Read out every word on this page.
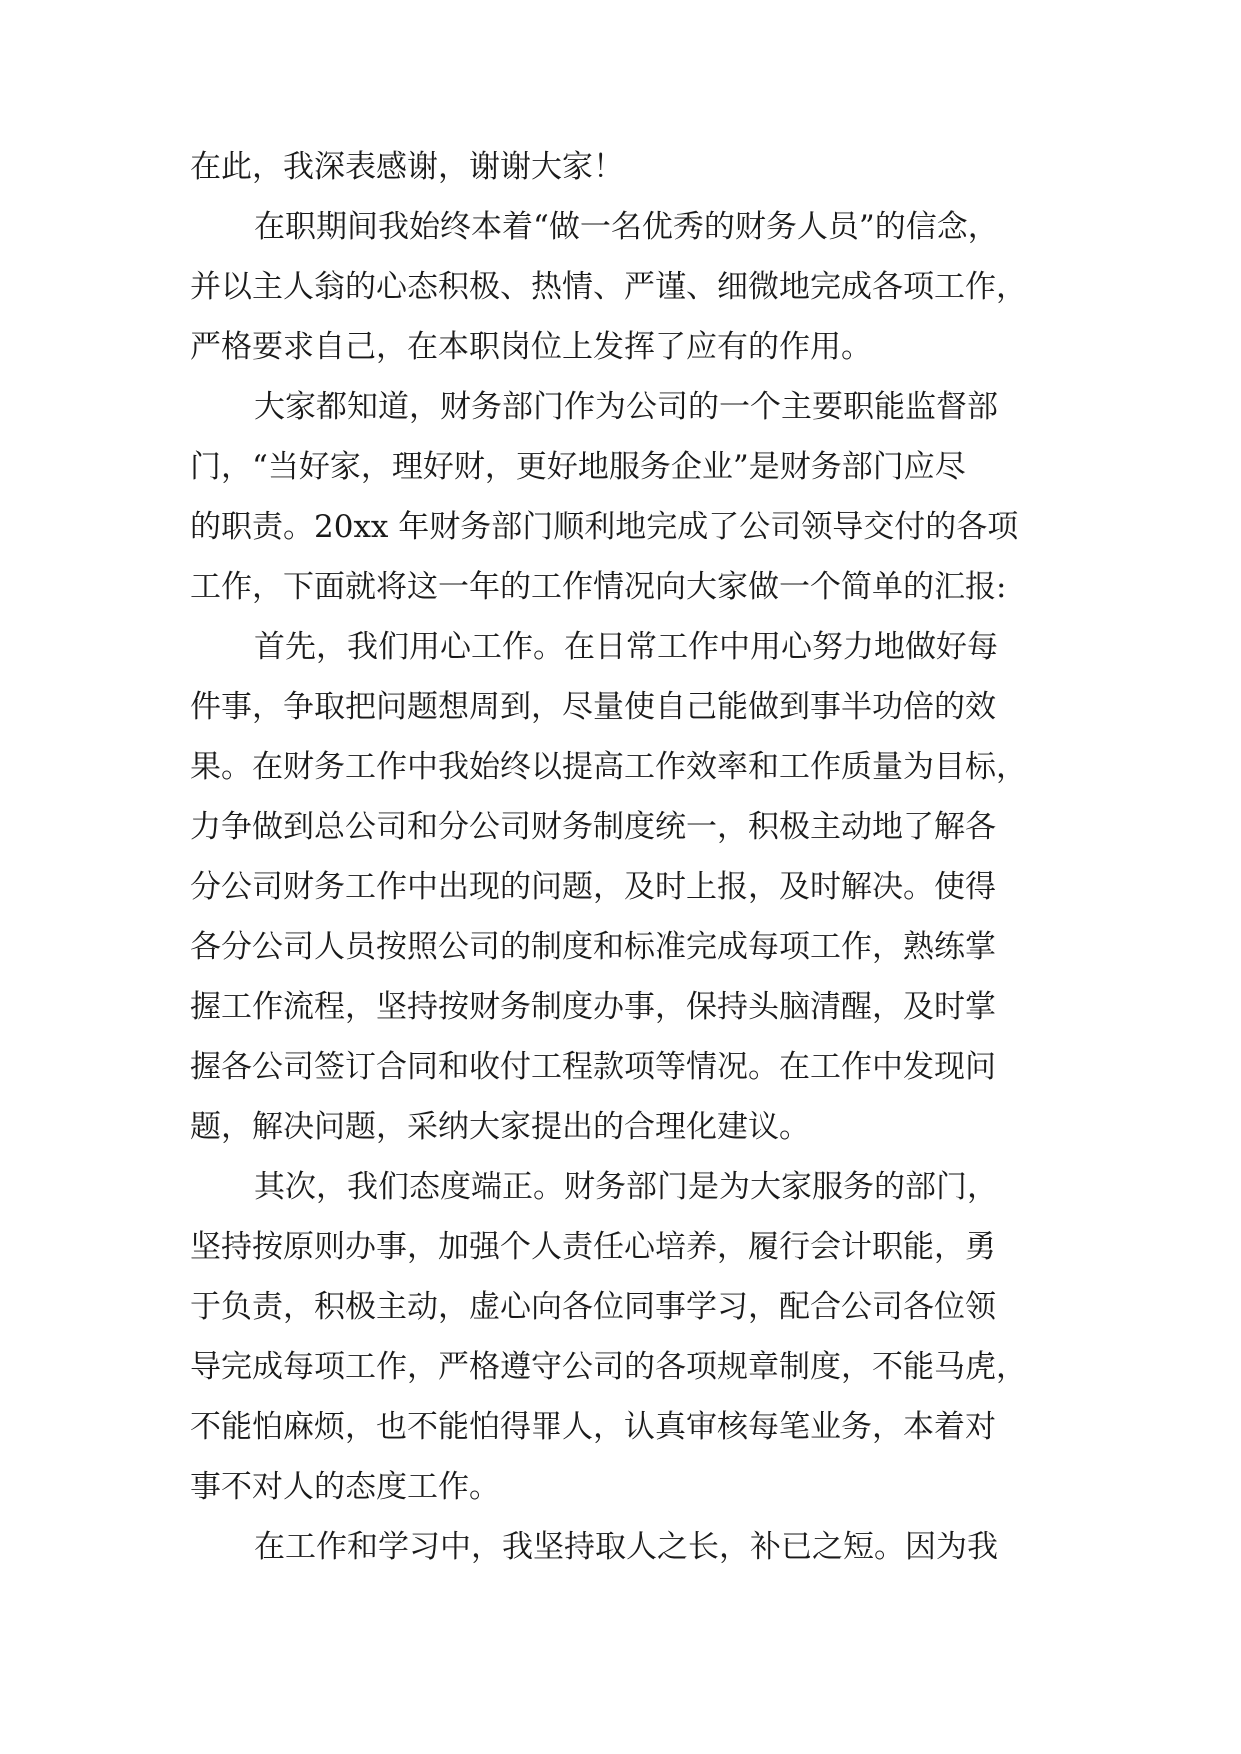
在此，我深表感谢，谢谢大家！
在职期间我始终本着“做一名优秀的财务人员”的信念，
并以主人翁的心态积极、热情、严谨、细微地完成各项工作，
严格要求自己，在本职岗位上发挥了应有的作用。
大家都知道，财务部门作为公司的一个主要职能监督部
门，“当好家，理好财，更好地服务企业”是财务部门应尽
的职责。20xx 年财务部门顺利地完成了公司领导交付的各项
工作，下面就将这一年的工作情况向大家做一个简单的汇报:
首先，我们用心工作。在日常工作中用心努力地做好每
件事，争取把问题想周到，尽量使自己能做到事半功倍的效
果。在财务工作中我始终以提高工作效率和工作质量为目标，
力争做到总公司和分公司财务制度统一，积极主动地了解各
分公司财务工作中出现的问题，及时上报，及时解决。使得
各分公司人员按照公司的制度和标准完成每项工作，熟练掌
握工作流程，坚持按财务制度办事，保持头脑清醒，及时掌
握各公司签订合同和收付工程款项等情况。在工作中发现问
题，解决问题，采纳大家提出的合理化建议。
其次，我们态度端正。财务部门是为大家服务的部门，
坚持按原则办事，加强个人责任心培养，履行会计职能，勇
于负责，积极主动，虚心向各位同事学习，配合公司各位领
导完成每项工作，严格遵守公司的各项规章制度，不能马虎，
不能怕麻烦，也不能怕得罪人，认真审核每笔业务，本着对
事不对人的态度工作。
在工作和学习中，我坚持取人之长，补已之短。因为我
